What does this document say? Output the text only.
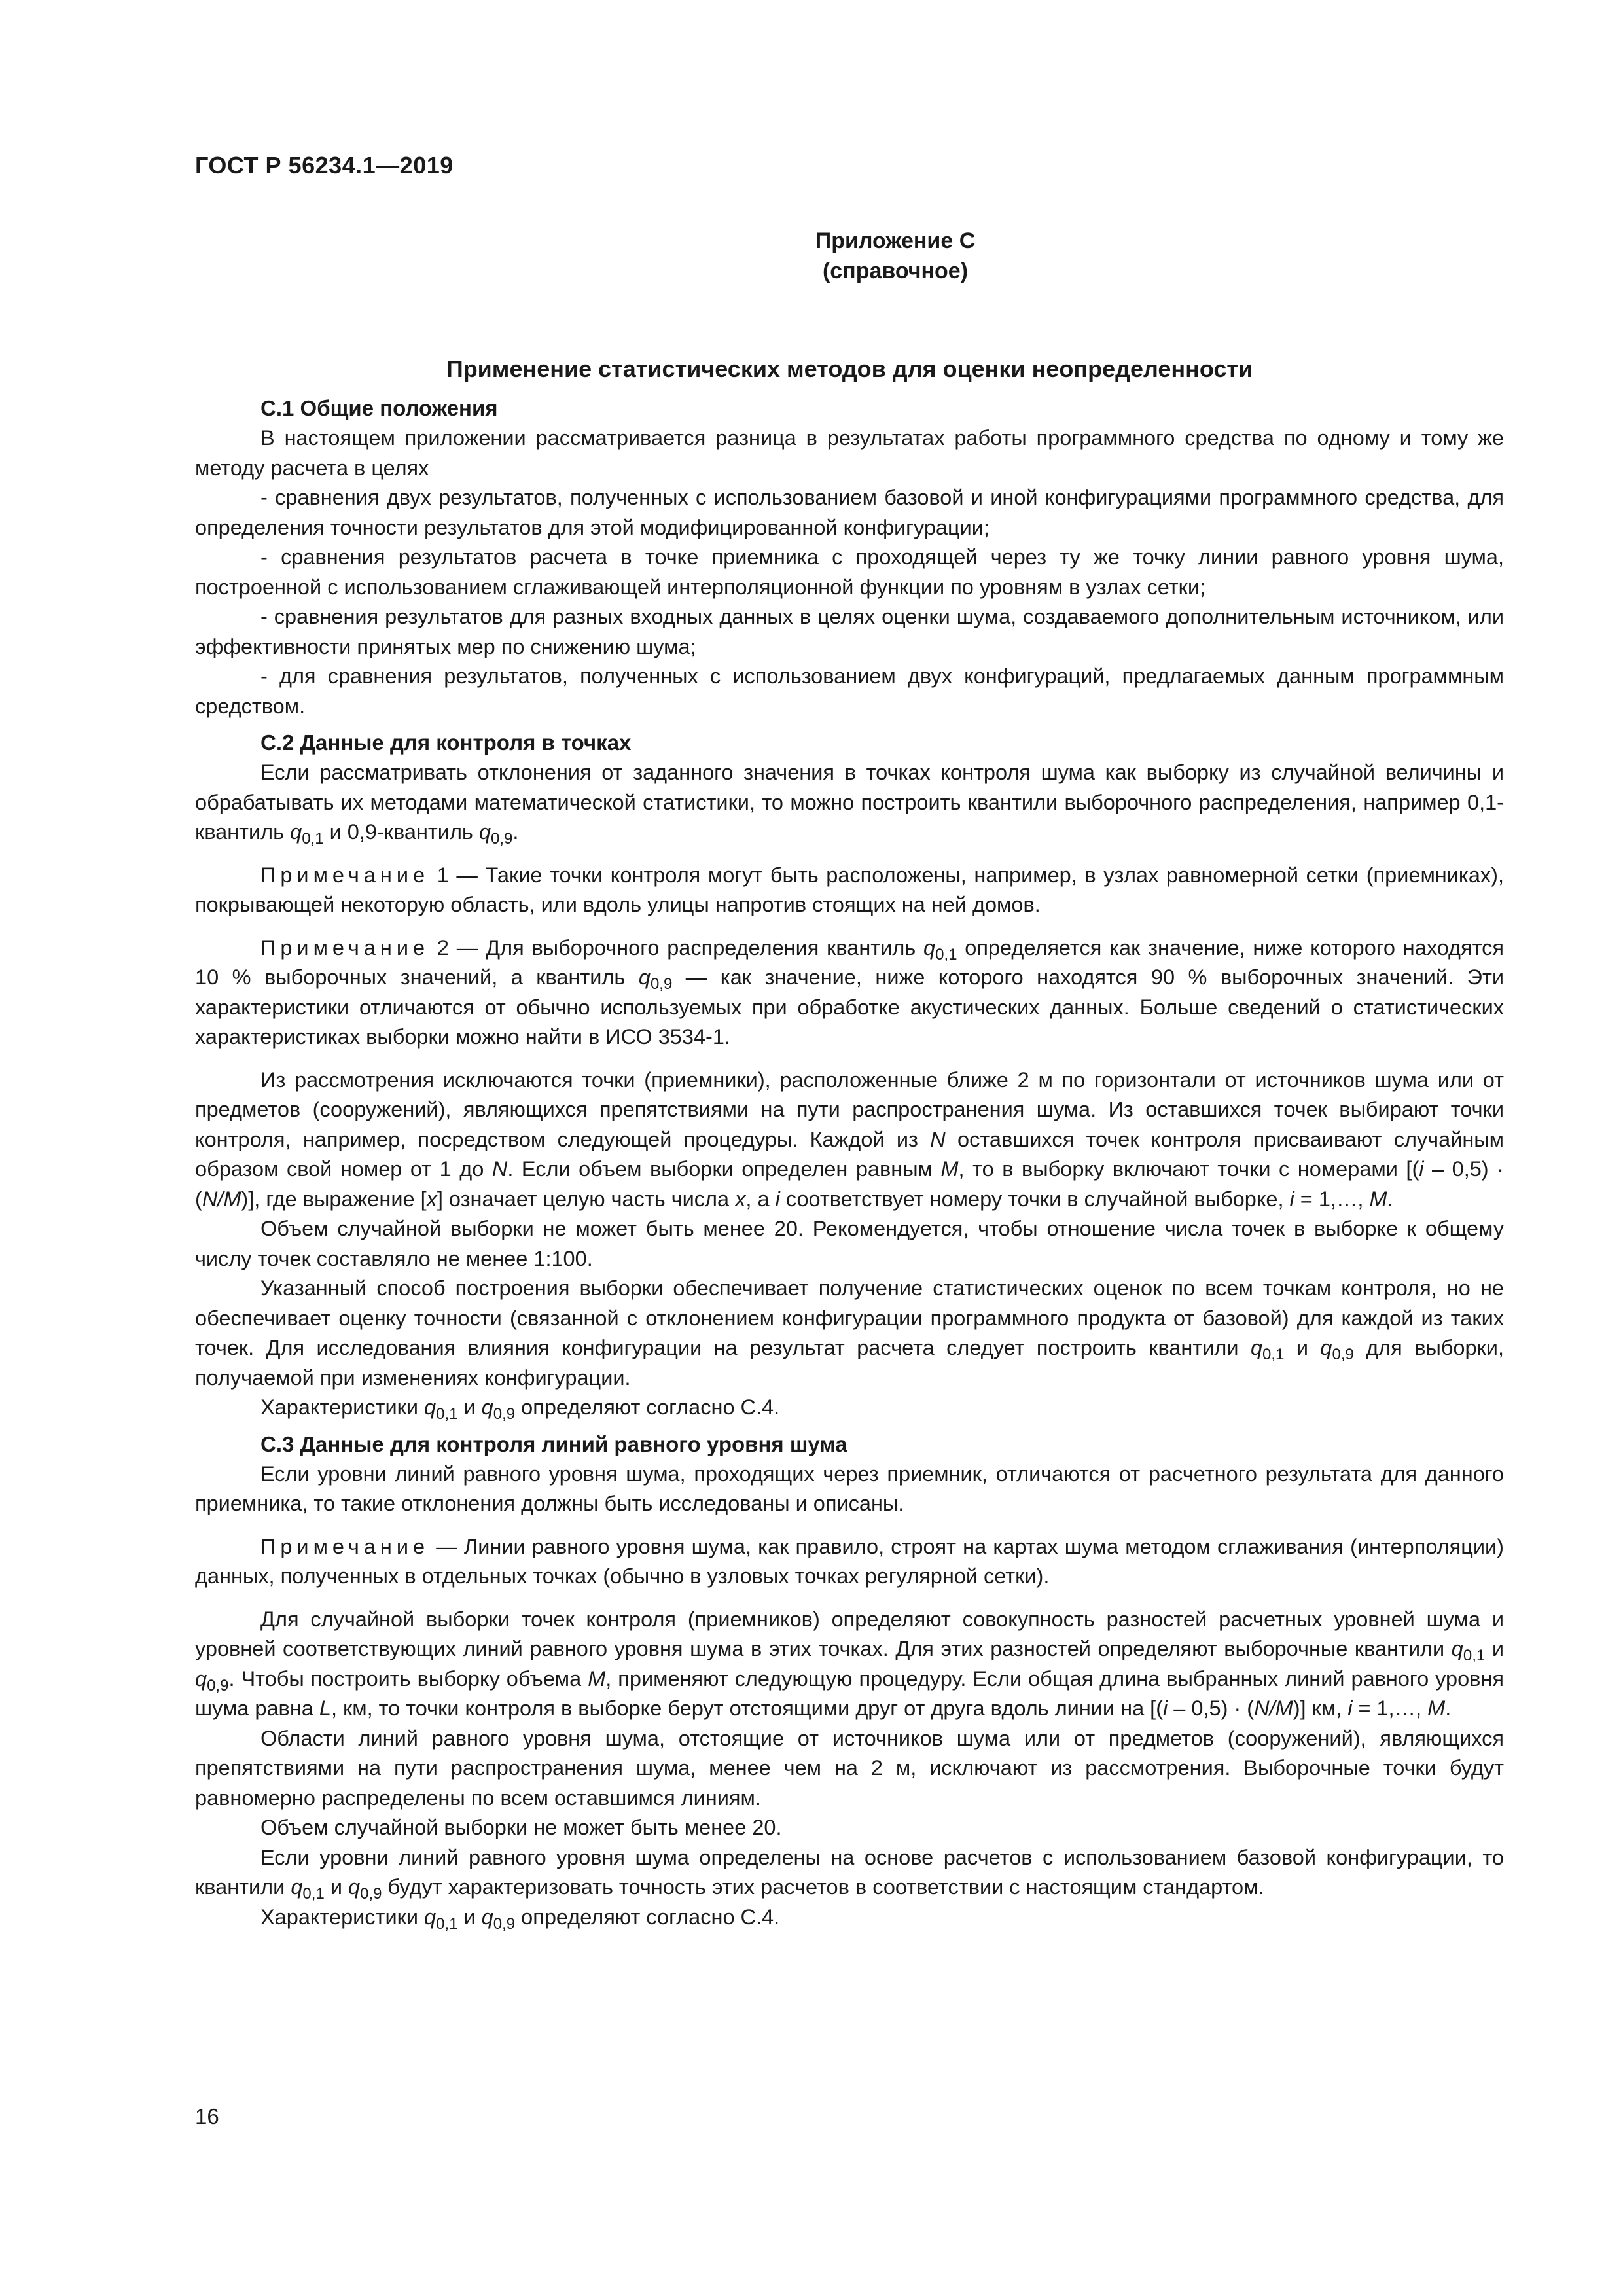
ГОСТ Р 56234.1—2019
Приложение С
(справочное)
Применение статистических методов для оценки неопределенности
С.1 Общие положения

В настоящем приложении рассматривается разница в результатах работы программного средства по одному и тому же методу расчета в целях

- сравнения двух результатов, полученных с использованием базовой и иной конфигурациями программного средства, для определения точности результатов для этой модифицированной конфигурации;

- сравнения результатов расчета в точке приемника с проходящей через ту же точку линии равного уровня шума, построенной с использованием сглаживающей интерполяционной функции по уровням в узлах сетки;

- сравнения результатов для разных входных данных в целях оценки шума, создаваемого дополнительным источником, или эффективности принятых мер по снижению шума;

- для сравнения результатов, полученных с использованием двух конфигураций, предлагаемых данным программным средством.

С.2 Данные для контроля в точках

Если рассматривать отклонения от заданного значения в точках контроля шума как выборку из случайной величины и обрабатывать их методами математической статистики, то можно построить квантили выборочного распределения, например 0,1-квантиль $q_{0,1}$ и 0,9-квантиль $q_{0,9}$.

Примечание 1 — Такие точки контроля могут быть расположены, например, в узлах равномерной сетки (приемниках), покрывающей некоторую область, или вдоль улицы напротив стоящих на ней домов.

Примечание 2 — Для выборочного распределения квантиль $q_{0,1}$ определяется как значение, ниже которого находятся 10 % выборочных значений, а квантиль $q_{0,9}$ — как значение, ниже которого находятся 90 % выборочных значений. Эти характеристики отличаются от обычно используемых при обработке акустических данных. Больше сведений о статистических характеристиках выборки можно найти в ИСО 3534-1.

Из рассмотрения исключаются точки (приемники), расположенные ближе 2 м по горизонтали от источников шума или от предметов (сооружений), являющихся препятствиями на пути распространения шума. Из оставшихся точек выбирают точки контроля, например, посредством следующей процедуры. Каждой из N оставшихся точек контроля присваивают случайным образом свой номер от 1 до N. Если объем выборки определен равным M, то в выборку включают точки с номерами [(i – 0,5) · (N/M)], где выражение [x] означает целую часть числа x, а i соответствует номеру точки в случайной выборке, i = 1,…, M.

Объем случайной выборки не может быть менее 20. Рекомендуется, чтобы отношение числа точек в выборке к общему числу точек составляло не менее 1:100.

Указанный способ построения выборки обеспечивает получение статистических оценок по всем точкам контроля, но не обеспечивает оценку точности (связанной с отклонением конфигурации программного продукта от базовой) для каждой из таких точек. Для исследования влияния конфигурации на результат расчета следует построить квантили $q_{0,1}$ и $q_{0,9}$ для выборки, получаемой при изменениях конфигурации.

Характеристики $q_{0,1}$ и $q_{0,9}$ определяют согласно С.4.

С.3 Данные для контроля линий равного уровня шума

Если уровни линий равного уровня шума, проходящих через приемник, отличаются от расчетного результата для данного приемника, то такие отклонения должны быть исследованы и описаны.

Примечание — Линии равного уровня шума, как правило, строят на картах шума методом сглаживания (интерполяции) данных, полученных в отдельных точках (обычно в узловых точках регулярной сетки).

Для случайной выборки точек контроля (приемников) определяют совокупность разностей расчетных уровней шума и уровней соответствующих линий равного уровня шума в этих точках. Для этих разностей определяют выборочные квантили $q_{0,1}$ и $q_{0,9}$. Чтобы построить выборку объема M, применяют следующую процедуру. Если общая длина выбранных линий равного уровня шума равна L, км, то точки контроля в выборке берут отстоящими друг от друга вдоль линии на [(i – 0,5) · (N/M)] км, i = 1,…, M.

Области линий равного уровня шума, отстоящие от источников шума или от предметов (сооружений), являющихся препятствиями на пути распространения шума, менее чем на 2 м, исключают из рассмотрения. Выборочные точки будут равномерно распределены по всем оставшимся линиям.

Объем случайной выборки не может быть менее 20.

Если уровни линий равного уровня шума определены на основе расчетов с использованием базовой конфигурации, то квантили $q_{0,1}$ и $q_{0,9}$ будут характеризовать точность этих расчетов в соответствии с настоящим стандартом.

Характеристики $q_{0,1}$ и $q_{0,9}$ определяют согласно С.4.

16
